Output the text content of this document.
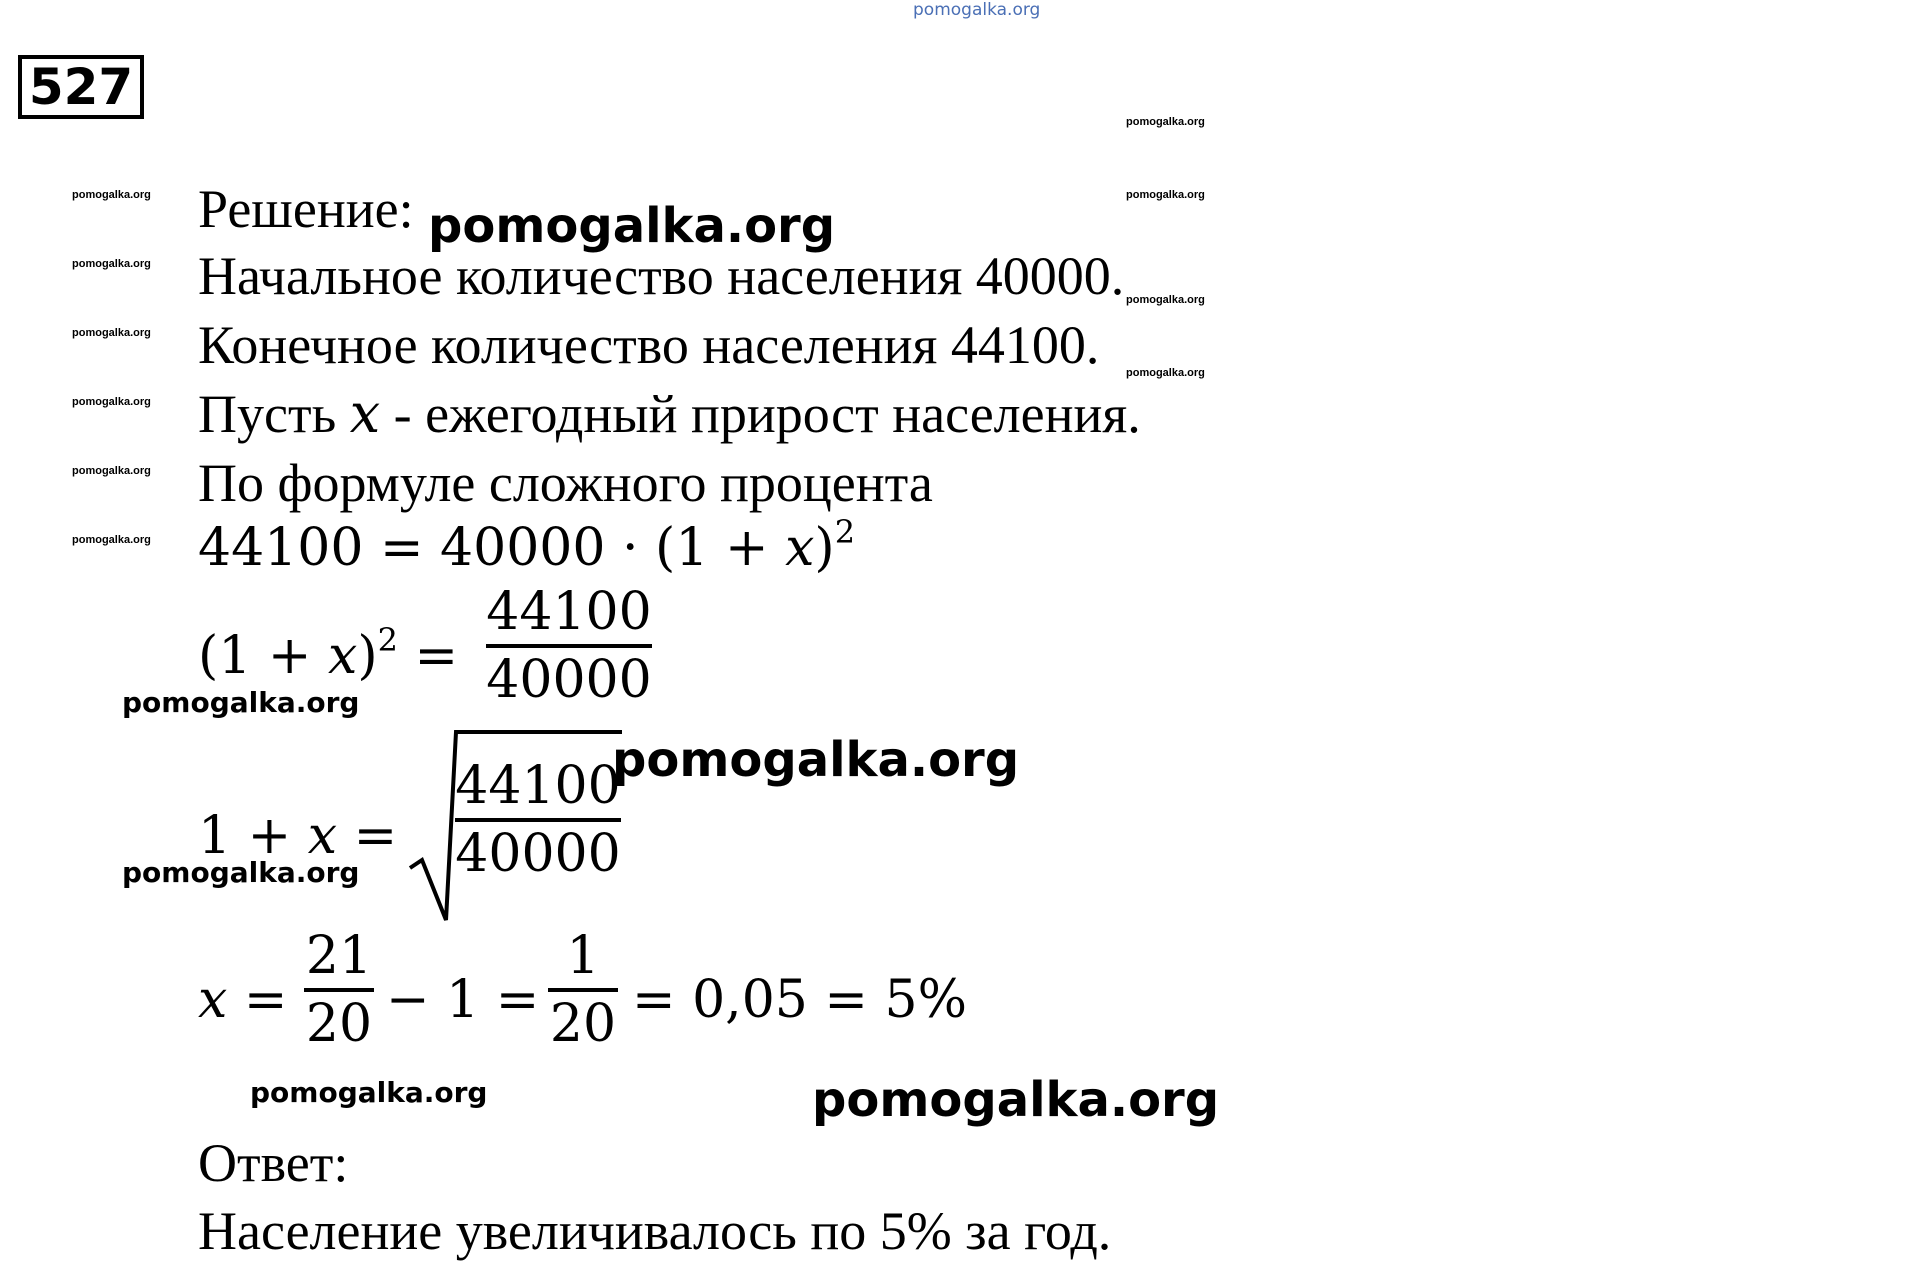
pomogalka.org
pomogalka.org
pomogalka.org
pomogalka.org
pomogalka.org
pomogalka.org
pomogalka.org
pomogalka.org
pomogalka.org
pomogalka.org
pomogalka.org
527
Решение: pomogalka.org
Начальное количество населения 40000.
Конечное количество населения 44100.
Пусть x - ежегодный прирост населения.
По формуле сложного процента
$44100 = 40000 \cdot (1 + x)^2$
$(1 + x)^2$ =
44100
40000
pomogalka.org
1 + x =
44100
40000
pomogalka.org
pomogalka.org
x =
21
20 − 1 =
1
20 = 0,05 = 5%
pomogalka.org	pomogalka.org
Ответ:
Население увеличивалось по 5% за год.
